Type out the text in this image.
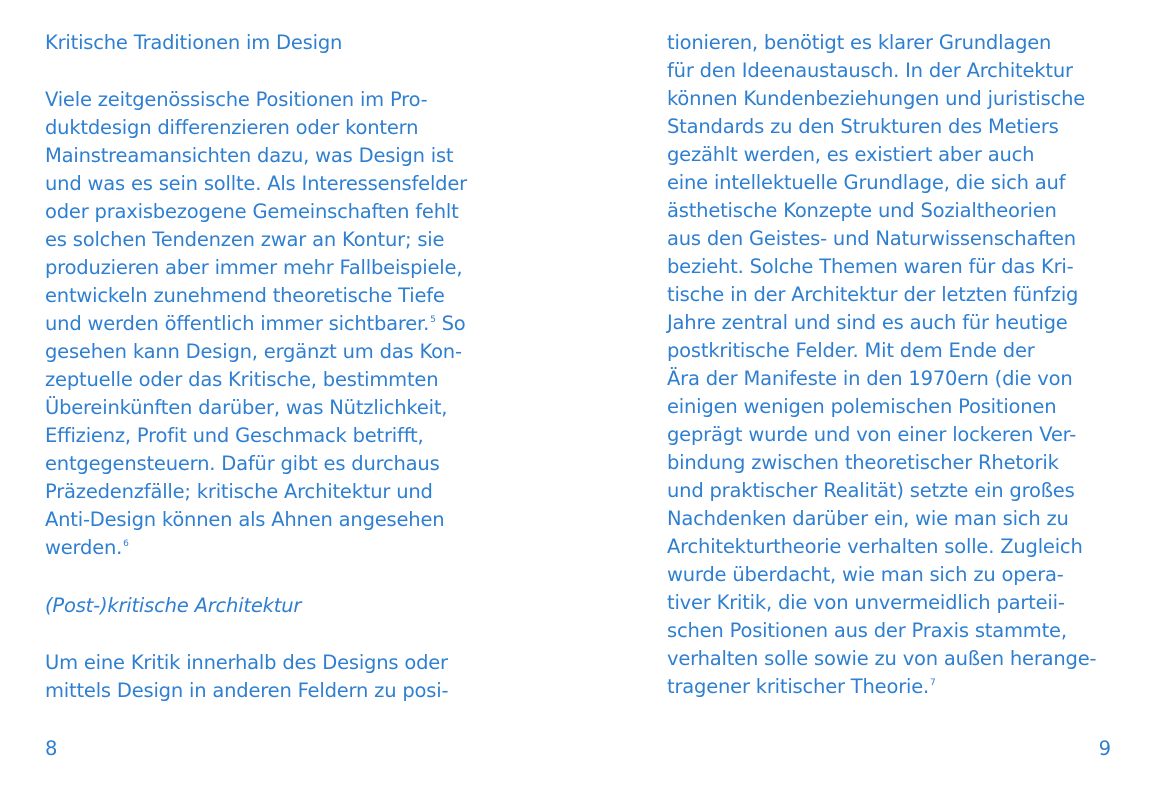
Kritische Traditionen im Design
Viele zeitgenössische Positionen im Pro-
duktdesign differenzieren oder kontern
Mainstreamansichten dazu, was Design ist
und was es sein sollte. Als Interessensfelder
oder praxisbezogene Gemeinschaften fehlt
es solchen Tendenzen zwar an Kontur; sie
produzieren aber immer mehr Fallbeispiele,
entwickeln zunehmend theoretische Tiefe
und werden öffentlich immer sichtbarer.$^5$ So
gesehen kann Design, ergänzt um das Kon-
zeptuelle oder das Kritische, bestimmten
Übereinkünften darüber, was Nützlichkeit,
Effizienz, Profit und Geschmack betrifft,
entgegensteuern. Dafür gibt es durchaus
Präzedenzfälle; kritische Architektur und
Anti-Design können als Ahnen angesehen
werden.$^6$
(Post-)kritische Architektur
Um eine Kritik innerhalb des Designs oder
mittels Design in anderen Feldern zu posi-
8
tionieren, benötigt es klarer Grundlagen
für den Ideenaustausch. In der Architektur
können Kundenbeziehungen und juristische
Standards zu den Strukturen des Metiers
gezählt werden, es existiert aber auch
eine intellektuelle Grundlage, die sich auf
ästhetische Konzepte und Sozialtheorien
aus den Geistes- und Naturwissenschaften
bezieht. Solche Themen waren für das Kri-
tische in der Architektur der letzten fünfzig
Jahre zentral und sind es auch für heutige
postkritische Felder. Mit dem Ende der
Ära der Manifeste in den 1970ern (die von
einigen wenigen polemischen Positionen
geprägt wurde und von einer lockeren Ver-
bindung zwischen theoretischer Rhetorik
und praktischer Realität) setzte ein großes
Nachdenken darüber ein, wie man sich zu
Architekturtheorie verhalten solle. Zugleich
wurde überdacht, wie man sich zu opera-
tiver Kritik, die von unvermeidlich parteii-
schen Positionen aus der Praxis stammte,
verhalten solle sowie zu von außen herange-
tragener kritischer Theorie.$^7$
9
